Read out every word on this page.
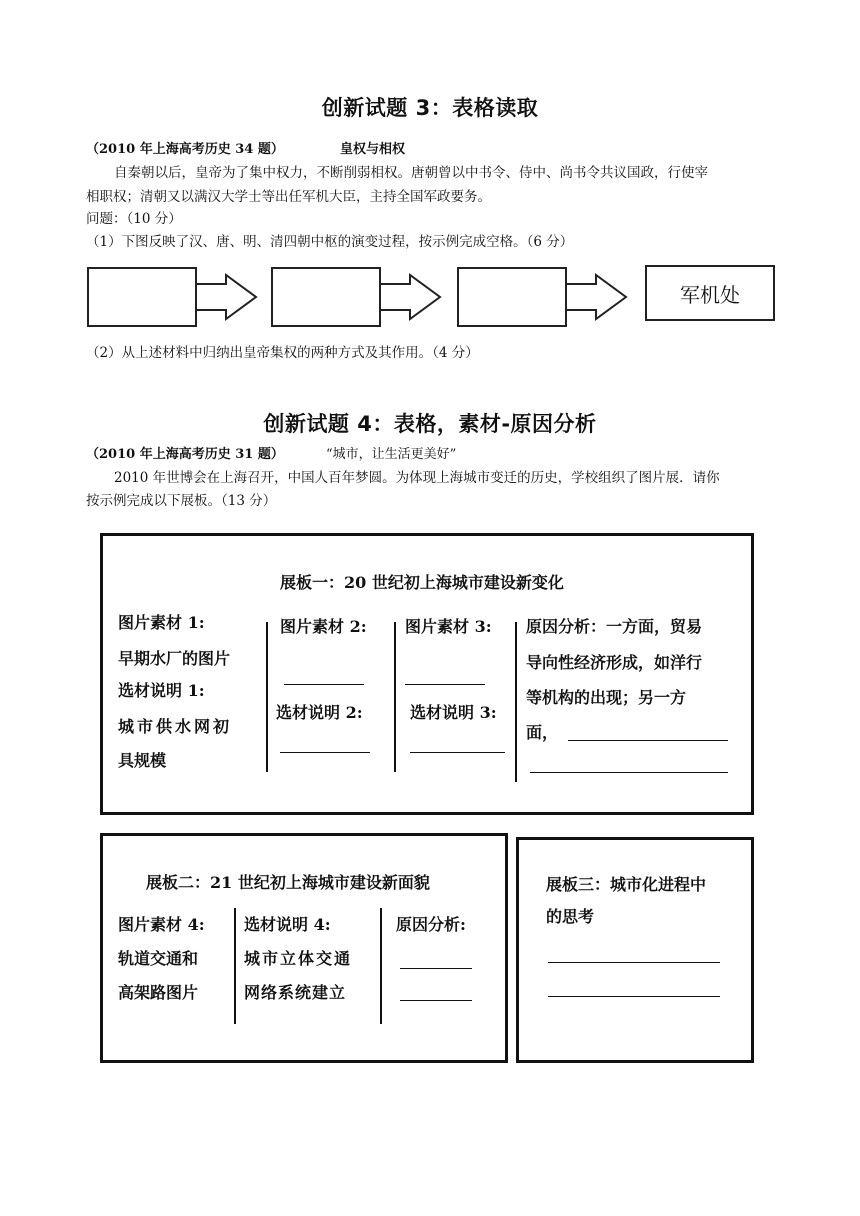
创新试题 3：表格读取
（2010 年上海高考历史 34 题）	皇权与相权
自秦朝以后，皇帝为了集中权力，不断削弱相权。唐朝曾以中书令、侍中、尚书令共议国政，行使宰
相职权；清朝又以满汉大学士等出任军机大臣，主持全国军政要务。
问题：（10 分）
（1）下图反映了汉、唐、明、清四朝中枢的演变过程，按示例完成空格。（6 分）
军机处
（2）从上述材料中归纳出皇帝集权的两种方式及其作用。（4 分）
创新试题 4：表格，素材-原因分析
（2010 年上海高考历史 31 题）	“城市，让生活更美好”
2010 年世博会在上海召开，中国人百年梦圆。为体现上海城市变迁的历史，学校组织了图片展．请你
按示例完成以下展板。（13 分）
展板一：20 世纪初上海城市建设新变化
图片素材 1:
早期水厂的图片
选材说明 1:
城市供水网初
具规模
图片素材 2:
选材说明 2:
图片素材 3:
选材说明 3:
原因分析：一方面，贸易
导向性经济形成，如洋行
等机构的出现；另一方
面，
展板二：21 世纪初上海城市建设新面貌
图片素材 4:
轨道交通和
高架路图片
选材说明 4:
城市立体交通
网络系统建立
原因分析:
展板三：城市化进程中
的思考
